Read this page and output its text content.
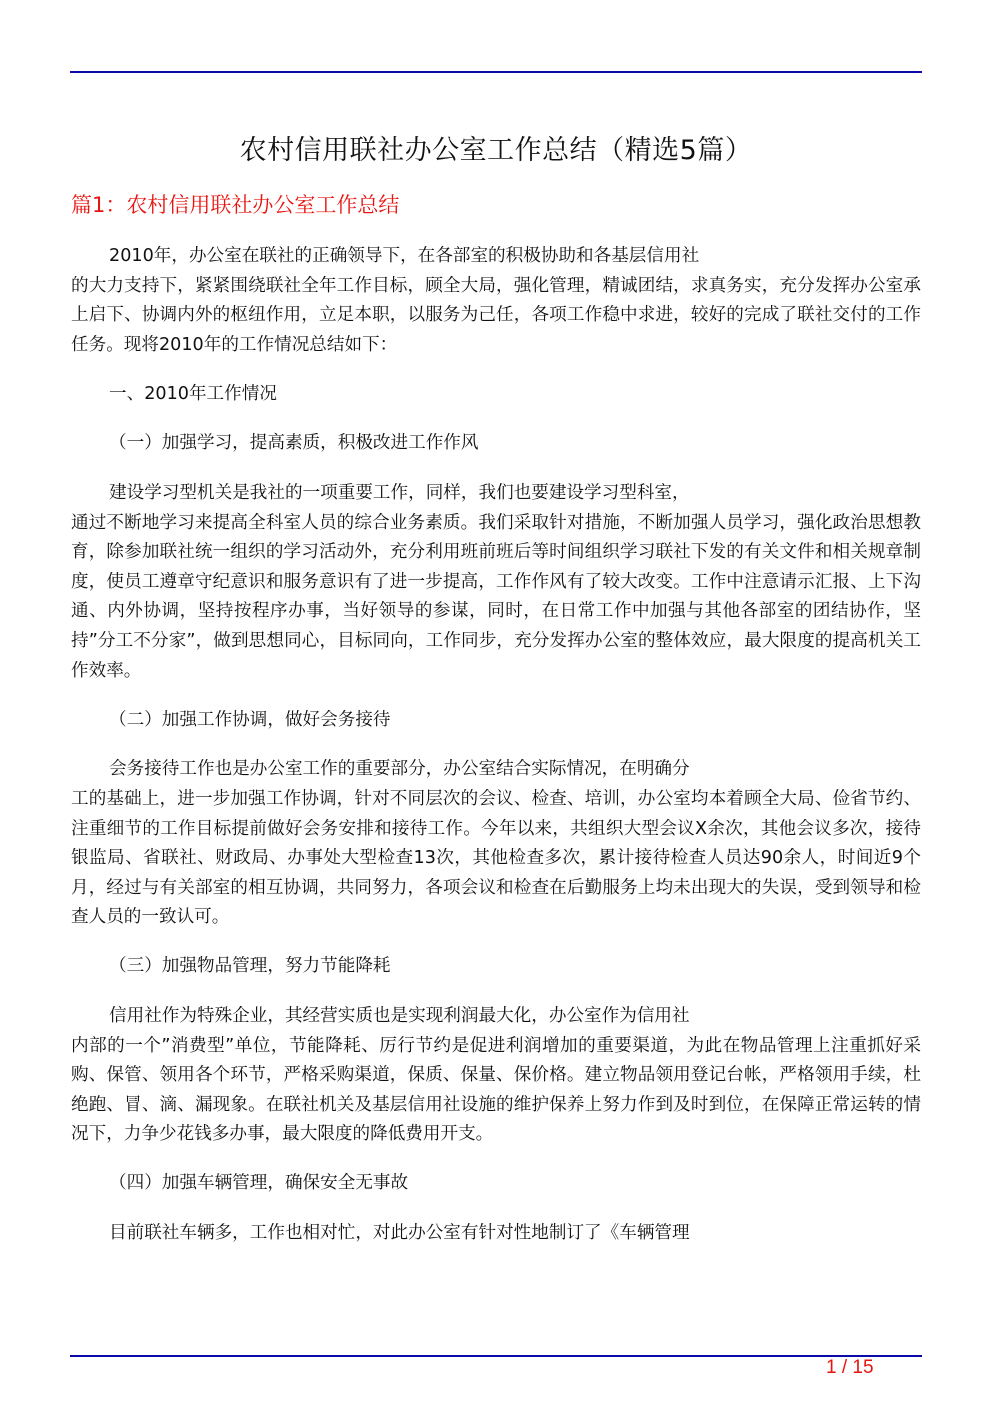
农村信用联社办公室工作总结（精选5篇）
篇1：农村信用联社办公室工作总结
2010年，办公室在联社的正确领导下，在各部室的积极协助和各基层信用社
的大力支持下，紧紧围绕联社全年工作目标，顾全大局，强化管理，精诚团结，求真务实，充分发挥办公室承上启下、协调内外的枢纽作用，立足本职，以服务为己任，各项工作稳中求进，较好的完成了联社交付的工作任务。现将2010年的工作情况总结如下：
一、2010年工作情况
（一）加强学习，提高素质，积极改进工作作风
建设学习型机关是我社的一项重要工作，同样，我们也要建设学习型科室，
通过不断地学习来提高全科室人员的综合业务素质。我们采取针对措施，不断加强人员学习，强化政治思想教育，除参加联社统一组织的学习活动外，充分利用班前班后等时间组织学习联社下发的有关文件和相关规章制度，使员工遵章守纪意识和服务意识有了进一步提高，工作作风有了较大改变。工作中注意请示汇报、上下沟通、内外协调，坚持按程序办事，当好领导的参谋，同时，在日常工作中加强与其他各部室的团结协作，坚持”分工不分家”，做到思想同心，目标同向，工作同步，充分发挥办公室的整体效应，最大限度的提高机关工作效率。
（二）加强工作协调，做好会务接待
会务接待工作也是办公室工作的重要部分，办公室结合实际情况，在明确分
工的基础上，进一步加强工作协调，针对不同层次的会议、检查、培训，办公室均本着顾全大局、俭省节约、注重细节的工作目标提前做好会务安排和接待工作。今年以来，共组织大型会议X余次，其他会议多次，接待银监局、省联社、财政局、办事处大型检查13次，其他检查多次，累计接待检查人员达90余人，时间近9个月，经过与有关部室的相互协调，共同努力，各项会议和检查在后勤服务上均未出现大的失误，受到领导和检查人员的一致认可。
（三）加强物品管理，努力节能降耗
信用社作为特殊企业，其经营实质也是实现利润最大化，办公室作为信用社
内部的一个”消费型”单位，节能降耗、厉行节约是促进利润增加的重要渠道，为此在物品管理上注重抓好采购、保管、领用各个环节，严格采购渠道，保质、保量、保价格。建立物品领用登记台帐，严格领用手续，杜绝跑、冒、滴、漏现象。在联社机关及基层信用社设施的维护保养上努力作到及时到位，在保障正常运转的情况下，力争少花钱多办事，最大限度的降低费用开支。
（四）加强车辆管理，确保安全无事故
目前联社车辆多，工作也相对忙，对此办公室有针对性地制订了《车辆管理
1 / 15
